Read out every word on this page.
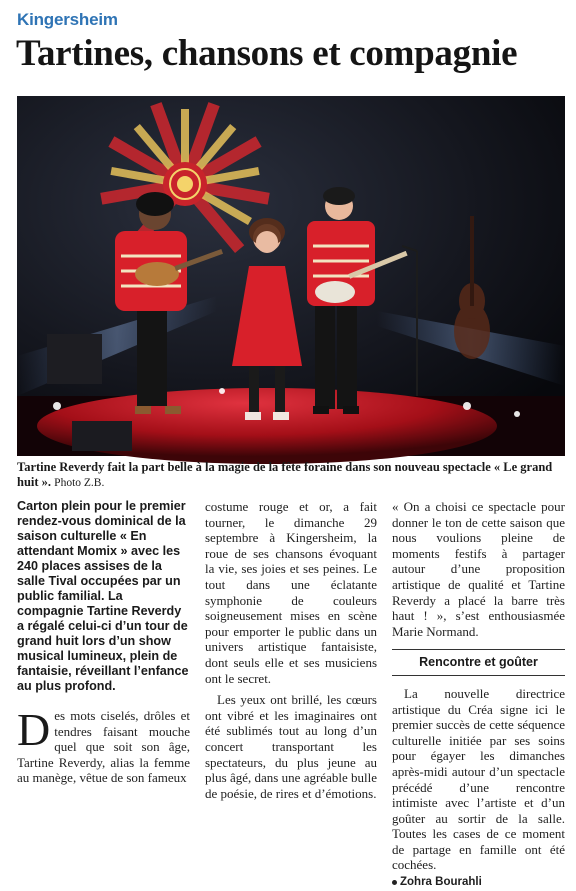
Kingersheim
Tartines, chansons et compagnie
Tartine Reverdy fait la part belle à la magie de la fête foraine dans son nouveau spectacle « Le grand huit ». Photo Z.B.

Carton plein pour le premier rendez-vous dominical de la saison culturelle « En attendant Momix » avec les 240 places assises de la salle Tival occupées par un public familial. La compagnie Tartine Reverdy a régalé celui-ci d’un tour de grand huit lors d’un show musical lumineux, plein de fantaisie, réveillant l’enfance au plus profond.

Des mots ciselés, drôles et tendres faisant mouche quel que soit son âge, Tartine Reverdy, alias la femme au manège, vêtue de son fameux

costume rouge et or, a fait tourner, le dimanche 29 septembre à Kingersheim, la roue de ses chansons évoquant la vie, ses joies et ses peines. Le tout dans une éclatante symphonie de couleurs soigneusement mises en scène pour emporter le public dans un univers artistique fantaisiste, dont seuls elle et ses musiciens ont le secret.

Les yeux ont brillé, les cœurs ont vibré et les imaginaires ont été sublimés tout au long d’un concert transportant les spectateurs, du plus jeune au plus âgé, dans une agréable bulle de poésie, de rires et d’émotions.

« On a choisi ce spectacle pour donner le ton de cette saison que nous voulions pleine de moments festifs à partager autour d’une proposition artistique de qualité et Tartine Reverdy a placé la barre très haut ! », s’est enthousiasmée Marie Normand.

Rencontre et goûter

La nouvelle directrice artistique du Créa signe ici le premier succès de cette séquence culturelle initiée par ses soins pour égayer les dimanches après-midi autour d’un spectacle précédé d’une rencontre intimiste avec l’artiste et d’un goûter au sortir de la salle. Toutes les cases de ce moment de partage en famille ont été cochées.

Zohra Bourahli
